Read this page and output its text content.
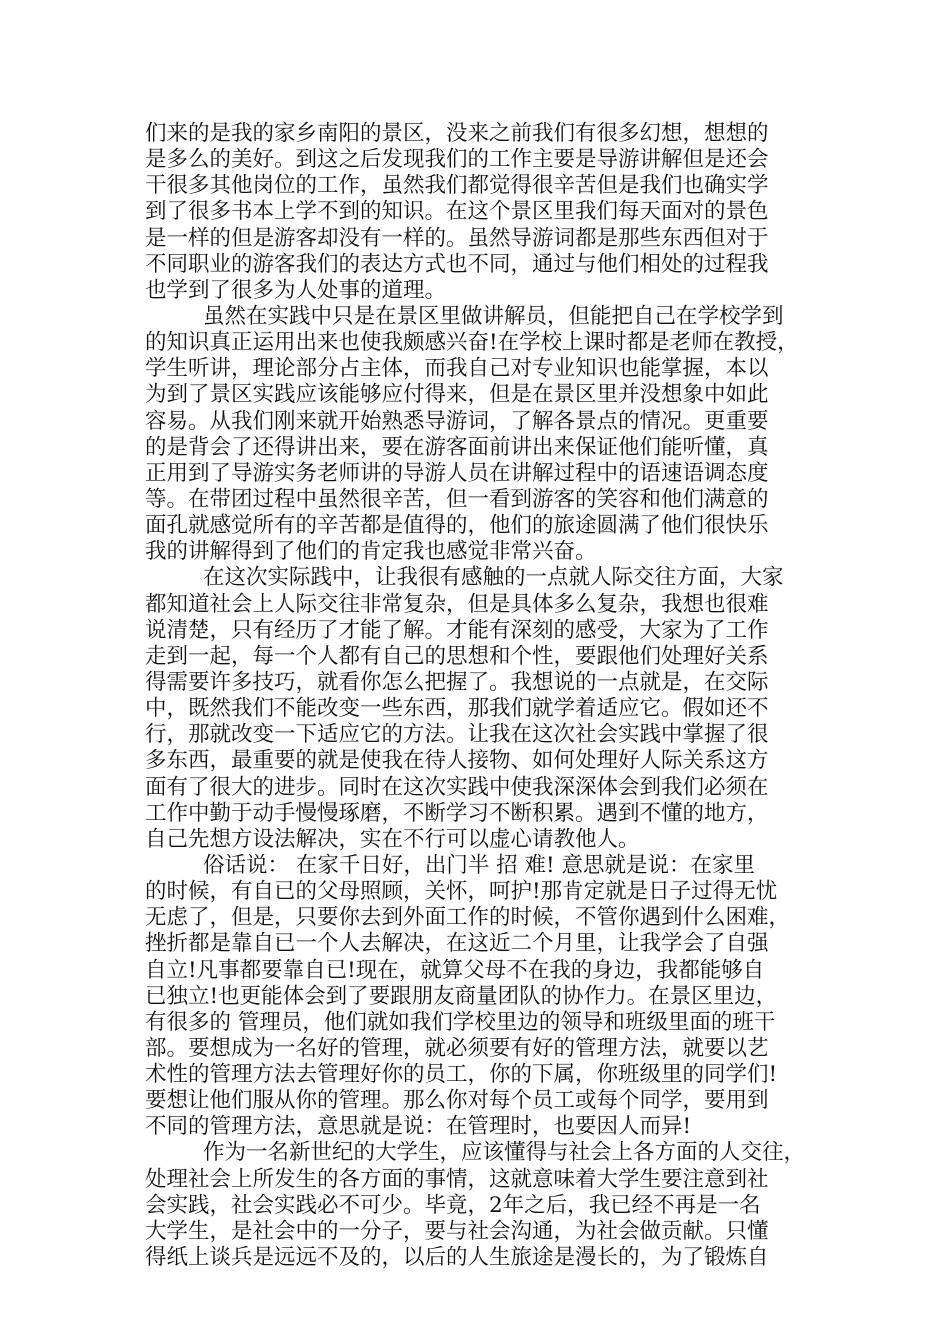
们来的是我的家乡南阳的景区，没来之前我们有很多幻想，想想的
是多么的美好。到这之后发现我们的工作主要是导游讲解但是还会
干很多其他岗位的工作，虽然我们都觉得很辛苦但是我们也确实学
到了很多书本上学不到的知识。在这个景区里我们每天面对的景色
是一样的但是游客却没有一样的。虽然导游词都是那些东西但对于
不同职业的游客我们的表达方式也不同，通过与他们相处的过程我
也学到了很多为人处事的道理。
虽然在实践中只是在景区里做讲解员，但能把自己在学校学到
的知识真正运用出来也使我颇感兴奋!在学校上课时都是老师在教授，
学生听讲，理论部分占主体，而我自己对专业知识也能掌握，本以
为到了景区实践应该能够应付得来，但是在景区里并没想象中如此
容易。从我们刚来就开始熟悉导游词，了解各景点的情况。更重要
的是背会了还得讲出来，要在游客面前讲出来保证他们能听懂，真
正用到了导游实务老师讲的导游人员在讲解过程中的语速语调态度
等。在带团过程中虽然很辛苦，但一看到游客的笑容和他们满意的
面孔就感觉所有的辛苦都是值得的，他们的旅途圆满了他们很快乐
我的讲解得到了他们的肯定我也感觉非常兴奋。
在这次实际践中，让我很有感触的一点就人际交往方面，大家
都知道社会上人际交往非常复杂，但是具体多么复杂，我想也很难
说清楚，只有经历了才能了解。才能有深刻的感受，大家为了工作
走到一起，每一个人都有自己的思想和个性，要跟他们处理好关系
得需要许多技巧，就看你怎么把握了。我想说的一点就是，在交际
中，既然我们不能改变一些东西，那我们就学着适应它。假如还不
行，那就改变一下适应它的方法。让我在这次社会实践中掌握了很
多东西，最重要的就是使我在待人接物、如何处理好人际关系这方
面有了很大的进步。同时在这次实践中使我深深体会到我们必须在
工作中勤于动手慢慢琢磨，不断学习不断积累。遇到不懂的地方，
自己先想方设法解决，实在不行可以虚心请教他人。
俗话说： 在家千日好，出门半 招 难! 意思就是说：在家里
的时候，有自已的父母照顾，关怀，呵护!那肯定就是日子过得无忧
无虑了，但是，只要你去到外面工作的时候，不管你遇到什么困难，
挫折都是靠自已一个人去解决，在这近二个月里，让我学会了自强
自立!凡事都要靠自已!现在，就算父母不在我的身边，我都能够自
已独立!也更能体会到了要跟朋友商量团队的协作力。在景区里边，
有很多的 管理员，他们就如我们学校里边的领导和班级里面的班干
部。要想成为一名好的管理，就必须要有好的管理方法，就要以艺
术性的管理方法去管理好你的员工，你的下属，你班级里的同学们!
要想让他们服从你的管理。那么你对每个员工或每个同学，要用到
不同的管理方法，意思就是说：在管理时，也要因人而异!
作为一名新世纪的大学生，应该懂得与社会上各方面的人交往，
处理社会上所发生的各方面的事情，这就意味着大学生要注意到社
会实践，社会实践必不可少。毕竟，2年之后，我已经不再是一名
大学生，是社会中的一分子，要与社会沟通，为社会做贡献。只懂
得纸上谈兵是远远不及的，以后的人生旅途是漫长的，为了锻炼自
